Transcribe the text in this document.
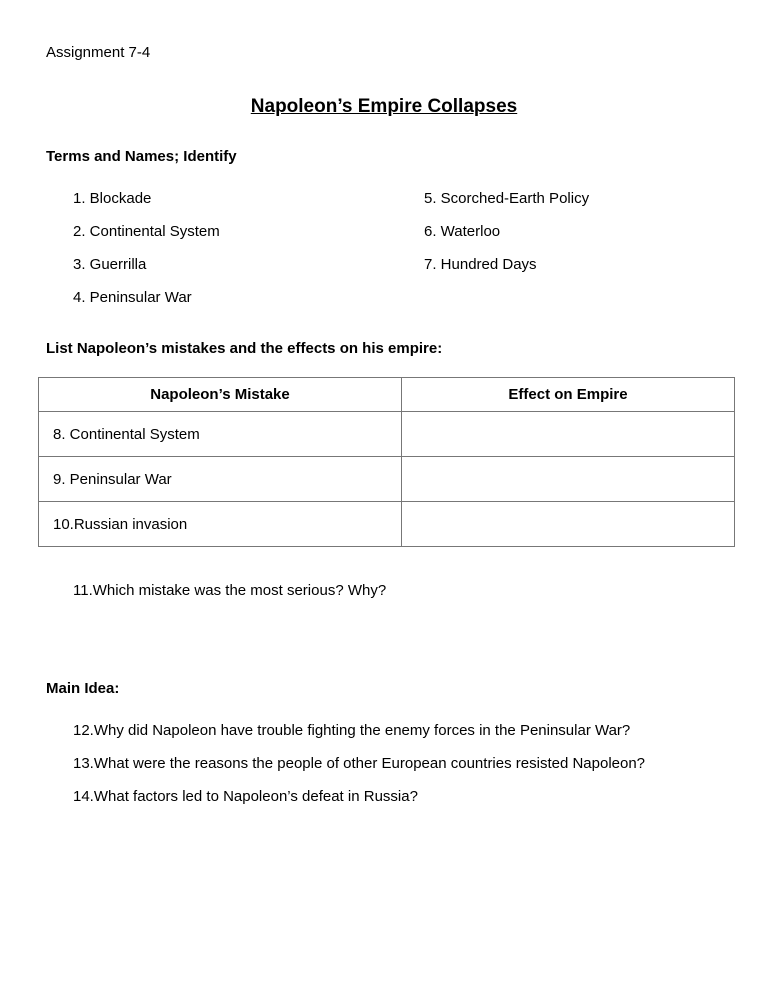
Assignment 7-4
Napoleon’s Empire Collapses
Terms and Names; Identify
1. Blockade
2. Continental System
3. Guerrilla
4. Peninsular War
5. Scorched-Earth Policy
6. Waterloo
7. Hundred Days
List Napoleon’s mistakes and the effects on his empire:
Napoleon’s Mistake	Effect on Empire
8. Continental System	
9. Peninsular War	
10.Russian invasion	
11.Which mistake was the most serious? Why?
Main Idea:
12.Why did Napoleon have trouble fighting the enemy forces in the Peninsular War?
13.What were the reasons the people of other European countries resisted Napoleon?
14.What factors led to Napoleon’s defeat in Russia?
